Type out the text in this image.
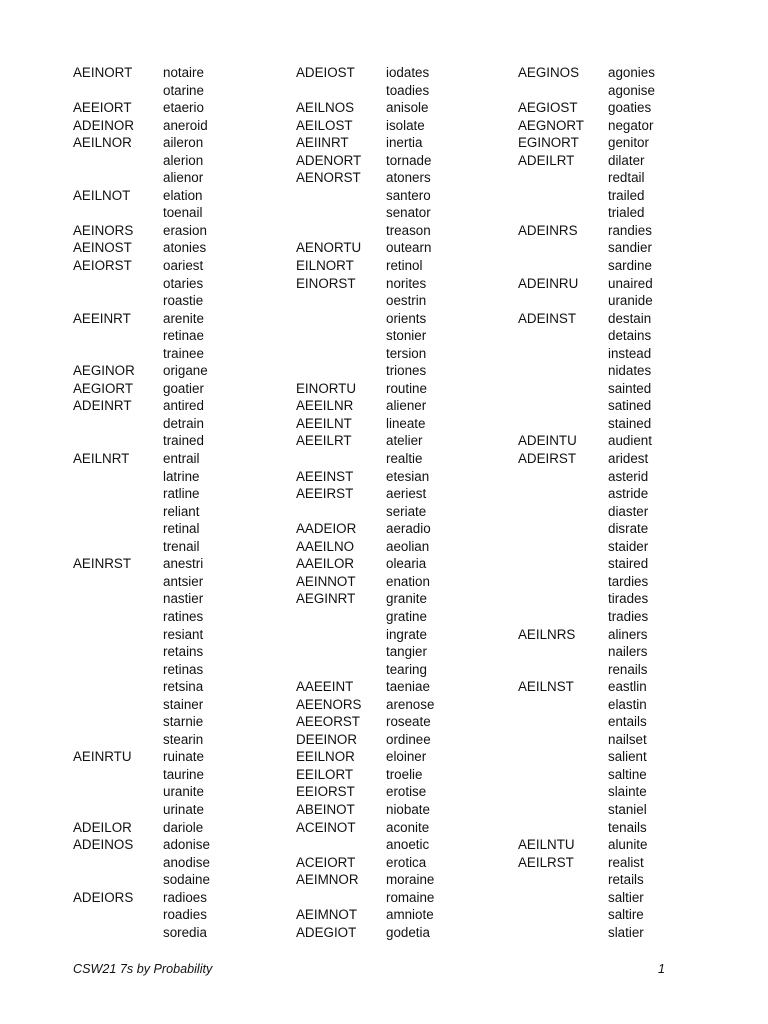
AEINORT	notaire
otarine
AEEIORT	etaerio
ADEINOR	aneroid
AEILNOR	aileron
alerion
alienor
AEILNOT	elation
toenail
AEINORS	erasion
AEINOST	atonies
AEIORST	oariest
otaries
roastie
AEEINRT	arenite
retinae
trainee
AEGINOR	origane
AEGIORT	goatier
ADEINRT	antired
detrain
trained
AEILNRT	entrail
latrine
ratline
reliant
retinal
trenail
AEINRST	anestri
antsier
nastier
ratines
resiant
retains
retinas
retsina
stainer
starnie
stearin
AEINRTU	ruinate
taurine
uranite
urinate
ADEILOR	dariole
ADEINOS	adonise
anodise
sodaine
ADEIORS	radioes
roadies
soredia
ADEIOST	iodates
toadies
AEILNOS	anisole
AEILOST	isolate
AEIINRT	inertia
ADENORT	tornade
AENORST	atoners
santero
senator
treason
AENORTU	outearn
EILNORT	retinol
EINORST	norites
oestrin
orients
stonier
tersion
triones
EINORTU	routine
AEEILNR	aliener
AEEILNT	lineate
AEEILRT	atelier
realtie
AEEINST	etesian
AEEIRST	aeriest
seriate
AADEIOR	aeradio
AAEILNO	aeolian
AAEILOR	olearia
AEINNOT	enation
AEGINRT	granite
gratine
ingrate
tangier
tearing
AAEEINT	taeniae
AEENORS	arenose
AEEORST	roseate
DEEINOR	ordinee
EEILNOR	eloiner
EEILORT	troelie
EEIORST	erotise
ABEINOT	niobate
ACEINOT	aconite
anoetic
ACEIORT	erotica
AEIMNOR	moraine
romaine
AEIMNOT	amniote
ADEGIOT	godetia
AEGINOS	agonies
agonise
AEGIOST	goaties
AEGNORT	negator
EGINORT	genitor
ADEILRT	dilater
redtail
trailed
trialed
ADEINRS	randies
sandier
sardine
ADEINRU	unaired
uranide
ADEINST	destain
detains
instead
nidates
sainted
satined
stained
ADEINTU	audient
ADEIRST	aridest
asterid
astride
diaster
disrate
staider
staired
tardies
tirades
tradies
AEILNRS	aliners
nailers
renails
AEILNST	eastlin
elastin
entails
nailset
salient
saltine
slainte
staniel
tenails
AEILNTU	alunite
AEILRST	realist
retails
saltier
saltire
slatier
CSW21 7s by Probability	1
